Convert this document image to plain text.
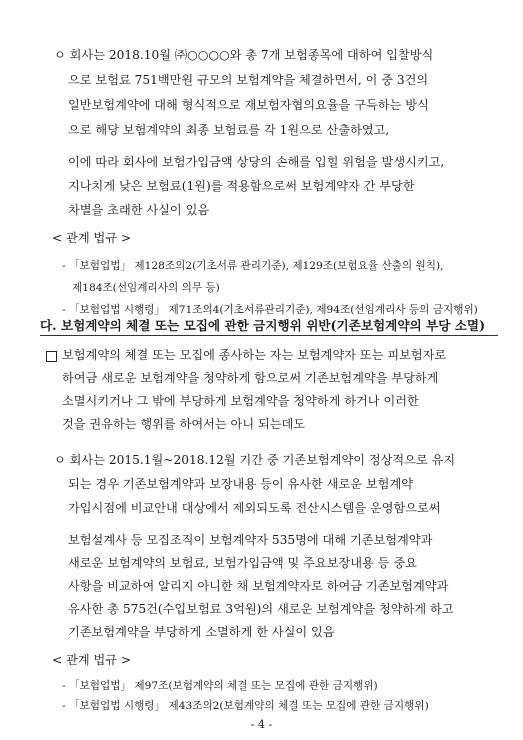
ㅇ 회사는 2018.10월 ㈜○○○○와 총 7개 보험종목에 대하여 입찰방식
으로 보험료 751백만원 규모의 보험계약을 체결하면서, 이 중 3건의
일반보험계약에 대해 형식적으로 재보험자협의요율을 구득하는 방식
으로 해당 보험계약의 최종 보험료를 각 1원으로 산출하였고,
이에 따라 회사에 보험가입금액 상당의 손해를 입힐 위험을 발생시키고,
지나치게 낮은 보험료(1원)를 적용함으로써 보험계약자 간 부당한
차별을 초래한 사실이 있음
< 관계 법규 >
- 「보험업법」 제128조의2(기초서류 관리기준), 제129조(보험요율 산출의 원칙),
제184조(선임계리사의 의무 등)
- 「보험업법 시행령」 제71조의4(기초서류관리기준), 제94조(선임계리사 등의 금지행위)
다. 보험계약의 체결 또는 모집에 관한 금지행위 위반(기존보험계약의 부당 소멸)
보험계약의 체결 또는 모집에 종사하는 자는 보험계약자 또는 피보험자로
하여금 새로운 보험계약을 청약하게 함으로써 기존보험계약을 부당하게
소멸시키거나 그 밖에 부당하게 보험계약을 청약하게 하거나 이러한
것을 권유하는 행위를 하여서는 아니 되는데도
ㅇ 회사는 2015.1월~2018.12월 기간 중 기존보험계약이 정상적으로 유지
되는 경우 기존보험계약과 보장내용 등이 유사한 새로운 보험계약
가입시점에 비교안내 대상에서 제외되도록 전산시스템을 운영함으로써
보험설계사 등 모집조직이 보험계약자 535명에 대해 기존보험계약과
새로운 보험계약의 보험료, 보험가입금액 및 주요보장내용 등 중요
사항을 비교하여 알리지 아니한 채 보험계약자로 하여금 기존보험계약과
유사한 총 575건(수입보험료 3억원)의 새로운 보험계약을 청약하게 하고
기존보험계약을 부당하게 소멸하게 한 사실이 있음
< 관계 법규 >
- 「보험업법」 제97조(보험계약의 체결 또는 모집에 관한 금지행위)
- 「보험업법 시행령」 제43조의2(보험계약의 체결 또는 모집에 관한 금지행위)
- 4 -
